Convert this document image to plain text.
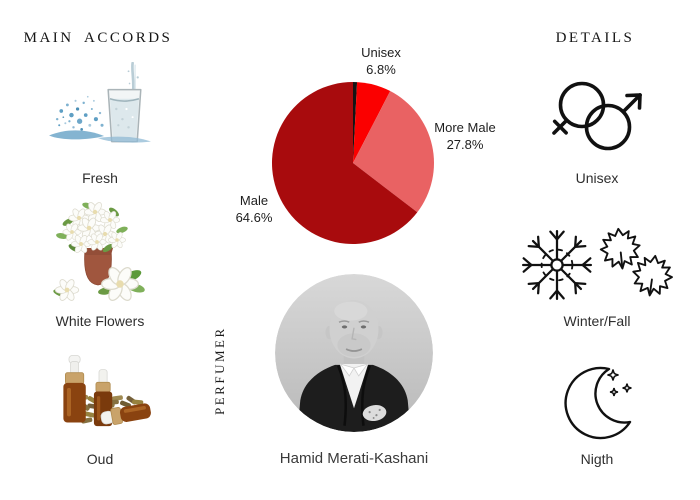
MAIN ACCORDS
Fresh
White Flowers
Oud
Unisex
6.8%
More Male
27.8%
Male
64.6%
PERFUMER
Hamid Merati-Kashani
DETAILS
Unisex
Winter/Fall
Nigth
